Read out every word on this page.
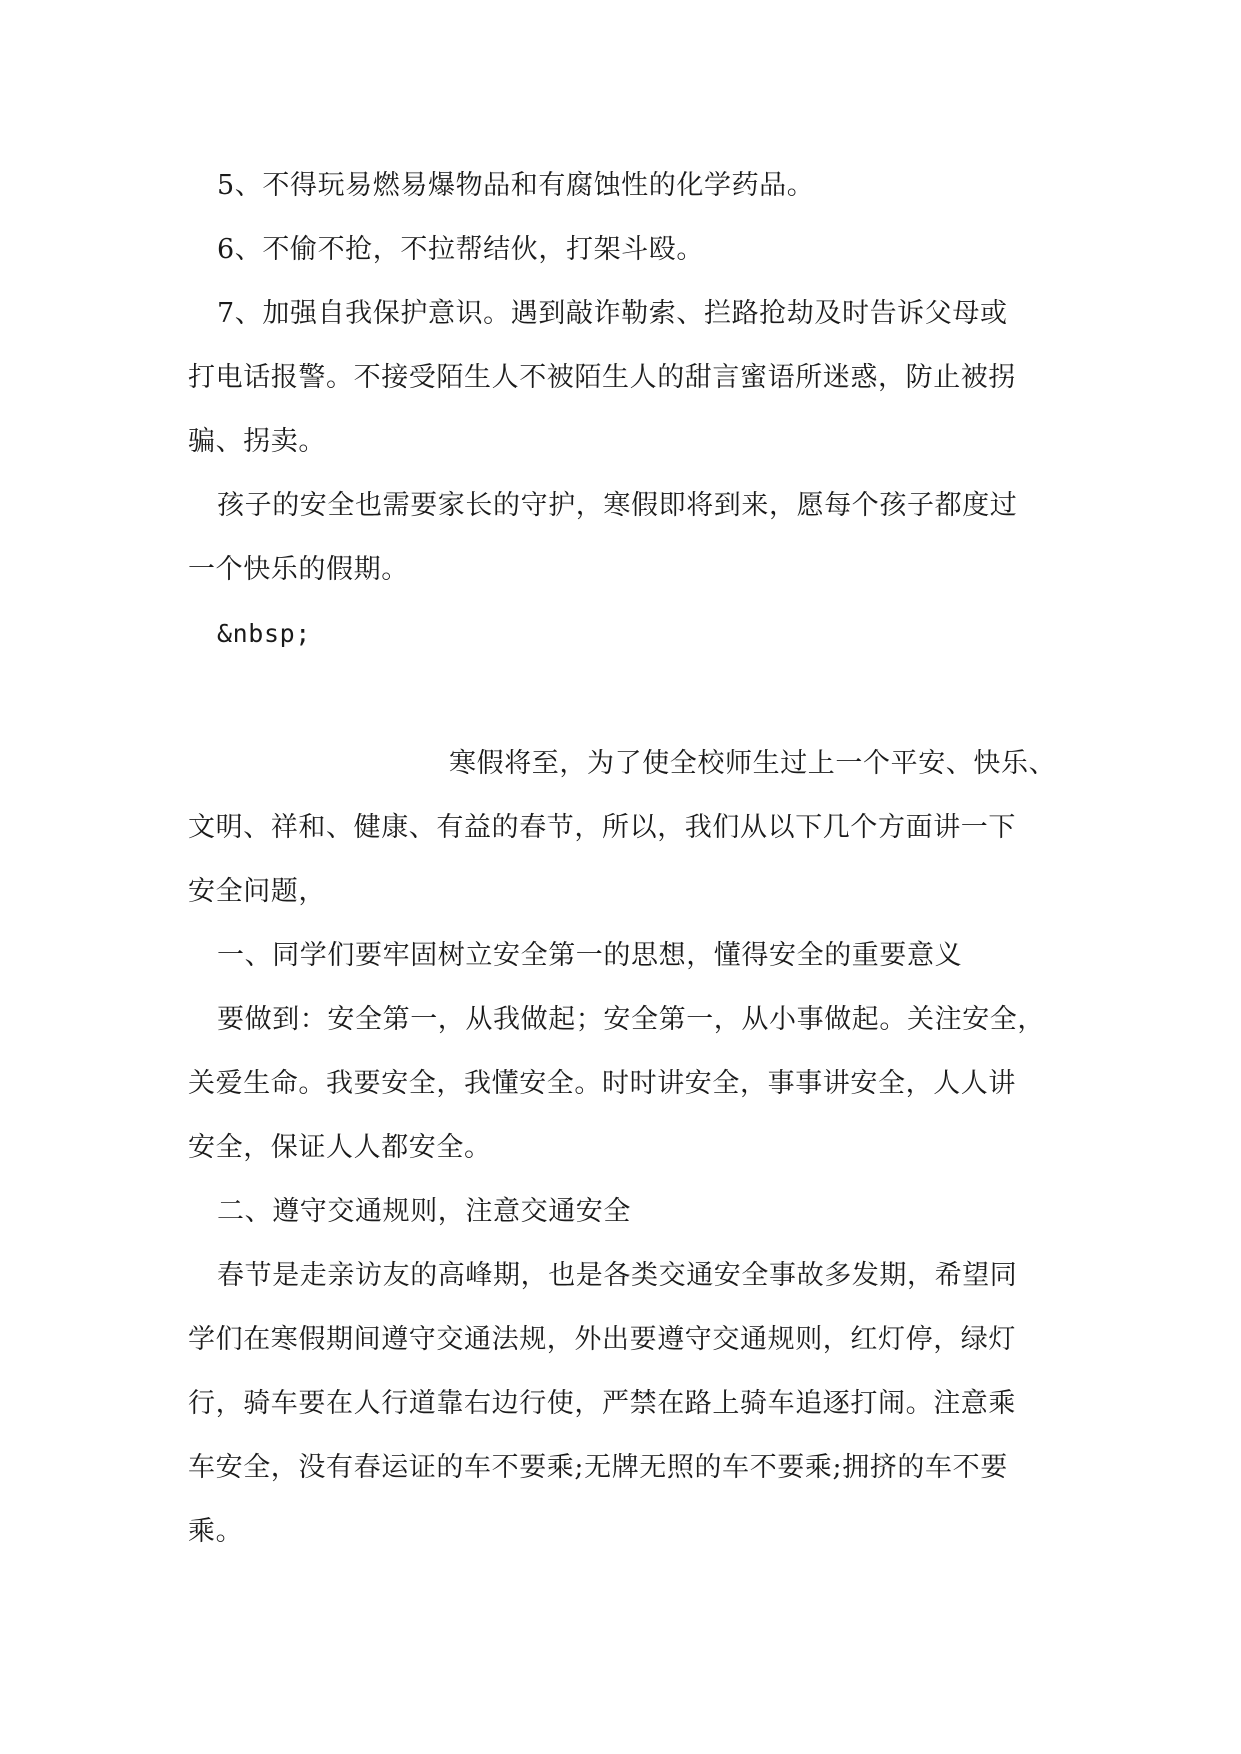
5、不得玩易燃易爆物品和有腐蚀性的化学药品。
6、不偷不抢，不拉帮结伙，打架斗殴。
7、加强自我保护意识。遇到敲诈勒索、拦路抢劫及时告诉父母或
打电话报警。不接受陌生人不被陌生人的甜言蜜语所迷惑，防止被拐
骗、拐卖。
孩子的安全也需要家长的守护，寒假即将到来，愿每个孩子都度过
一个快乐的假期。
&nbsp;
寒假将至，为了使全校师生过上一个平安、快乐、
文明、祥和、健康、有益的春节，所以，我们从以下几个方面讲一下
安全问题，
一、同学们要牢固树立安全第一的思想，懂得安全的重要意义
要做到：安全第一，从我做起；安全第一，从小事做起。关注安全，
关爱生命。我要安全，我懂安全。时时讲安全，事事讲安全，人人讲
安全，保证人人都安全。
二、遵守交通规则，注意交通安全
春节是走亲访友的高峰期，也是各类交通安全事故多发期，希望同
学们在寒假期间遵守交通法规，外出要遵守交通规则，红灯停，绿灯
行，骑车要在人行道靠右边行使，严禁在路上骑车追逐打闹。注意乘
车安全，没有春运证的车不要乘;无牌无照的车不要乘;拥挤的车不要
乘。
